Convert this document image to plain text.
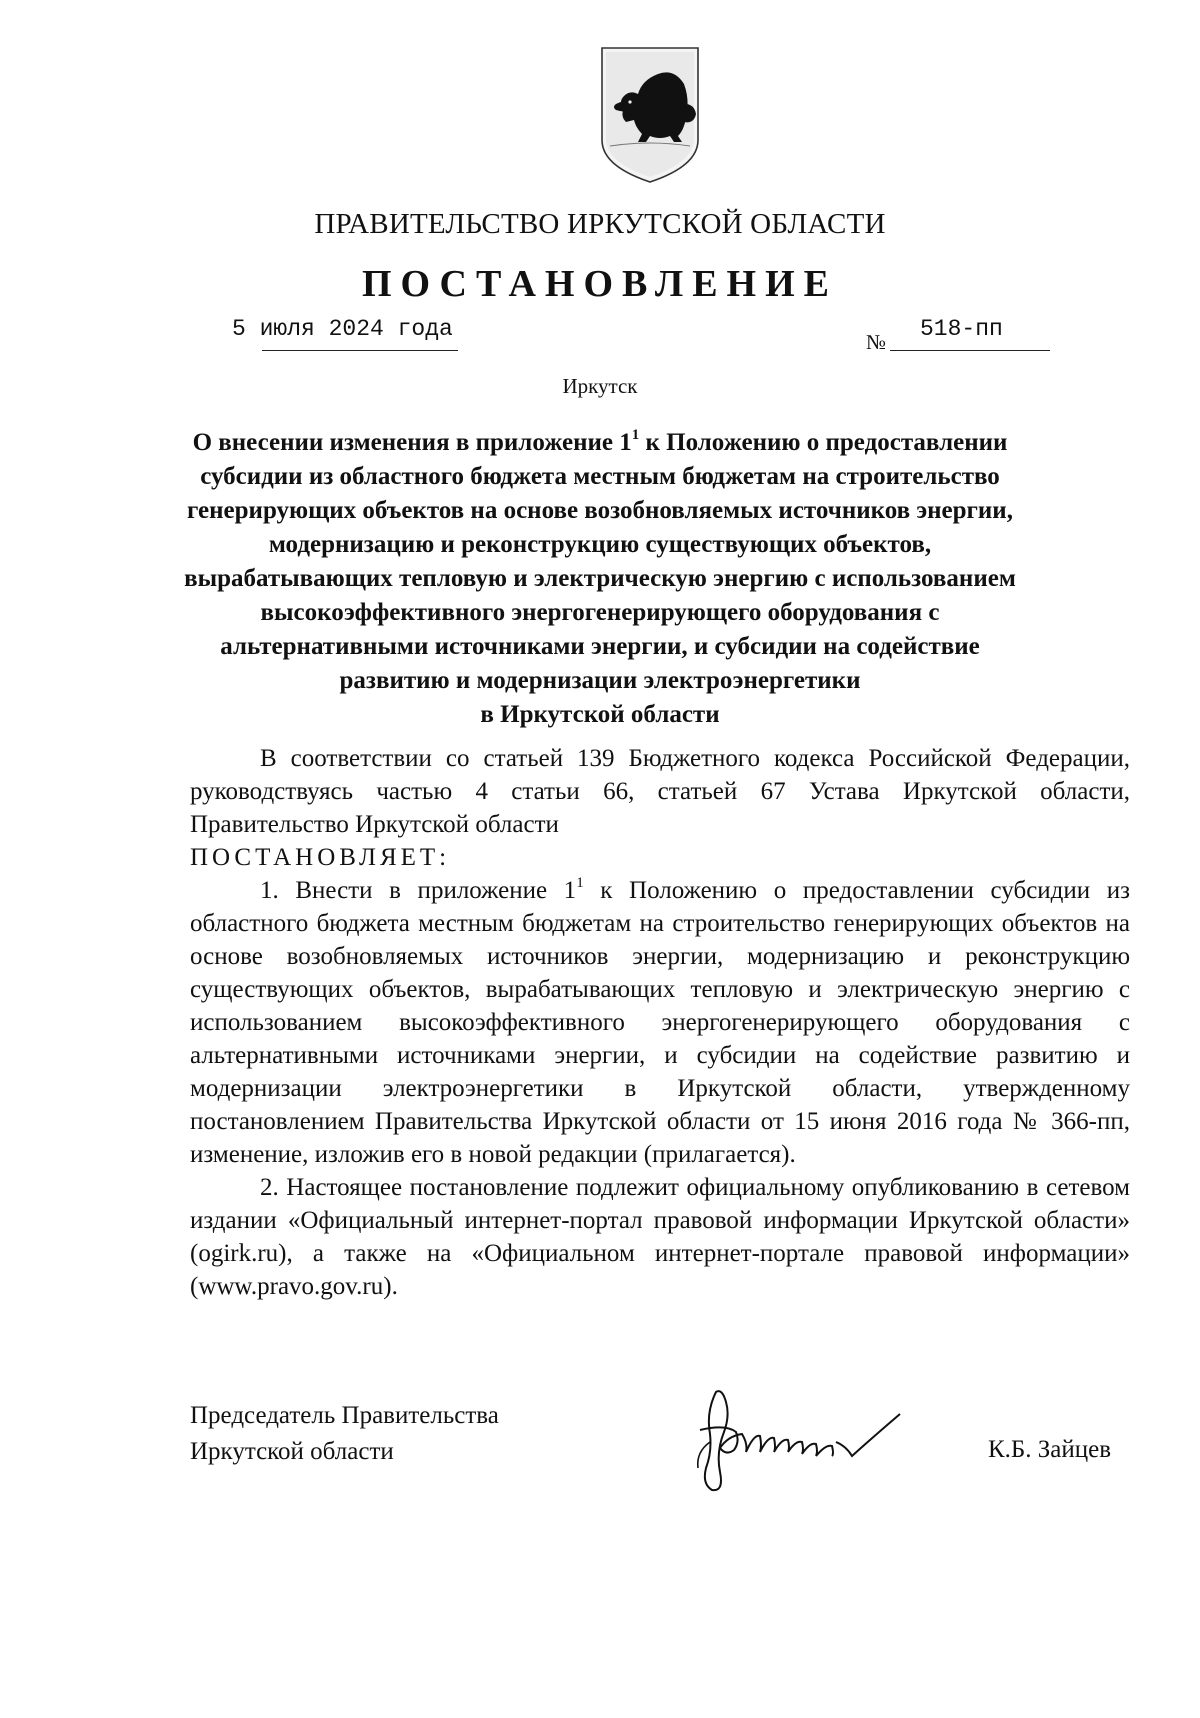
ПРАВИТЕЛЬСТВО ИРКУТСКОЙ ОБЛАСТИ
ПОСТАНОВЛЕНИЕ
5 июля 2024 года	№ 518-пп
Иркутск
О внесении изменения в приложение $1^1$ к Положению о предоставлении
субсидии из областного бюджета местным бюджетам на строительство
генерирующих объектов на основе возобновляемых источников энергии,
модернизацию и реконструкцию существующих объектов,
вырабатывающих тепловую и электрическую энергию с использованием
высокоэффективного энергогенерирующего оборудования с
альтернативными источниками энергии, и субсидии на содействие
развитию и модернизации электроэнергетики
в Иркутской области

В соответствии со статьей 139 Бюджетного кодекса Российской Федерации, руководствуясь частью 4 статьи 66, статьей 67 Устава Иркутской области, Правительство Иркутской области

ПОСТАНОВЛЯЕТ:

1. Внести в приложение $1^1$ к Положению о предоставлении субсидии из областного бюджета местным бюджетам на строительство генерирующих объектов на основе возобновляемых источников энергии, модернизацию и реконструкцию существующих объектов, вырабатывающих тепловую и электрическую энергию с использованием высокоэффективного энергогенерирующего оборудования с альтернативными источниками энергии, и субсидии на содействие развитию и модернизации электроэнергетики в Иркутской области, утвержденному постановлением Правительства Иркутской области от 15 июня 2016 года № 366-пп, изменение, изложив его в новой редакции (прилагается).

2. Настоящее постановление подлежит официальному опубликованию в сетевом издании «Официальный интернет-портал правовой информации Иркутской области» (ogirk.ru), а также на «Официальном интернет-портале правовой информации» (www.pravo.gov.ru).

Председатель Правительства
Иркутской области	К.Б. Зайцев
